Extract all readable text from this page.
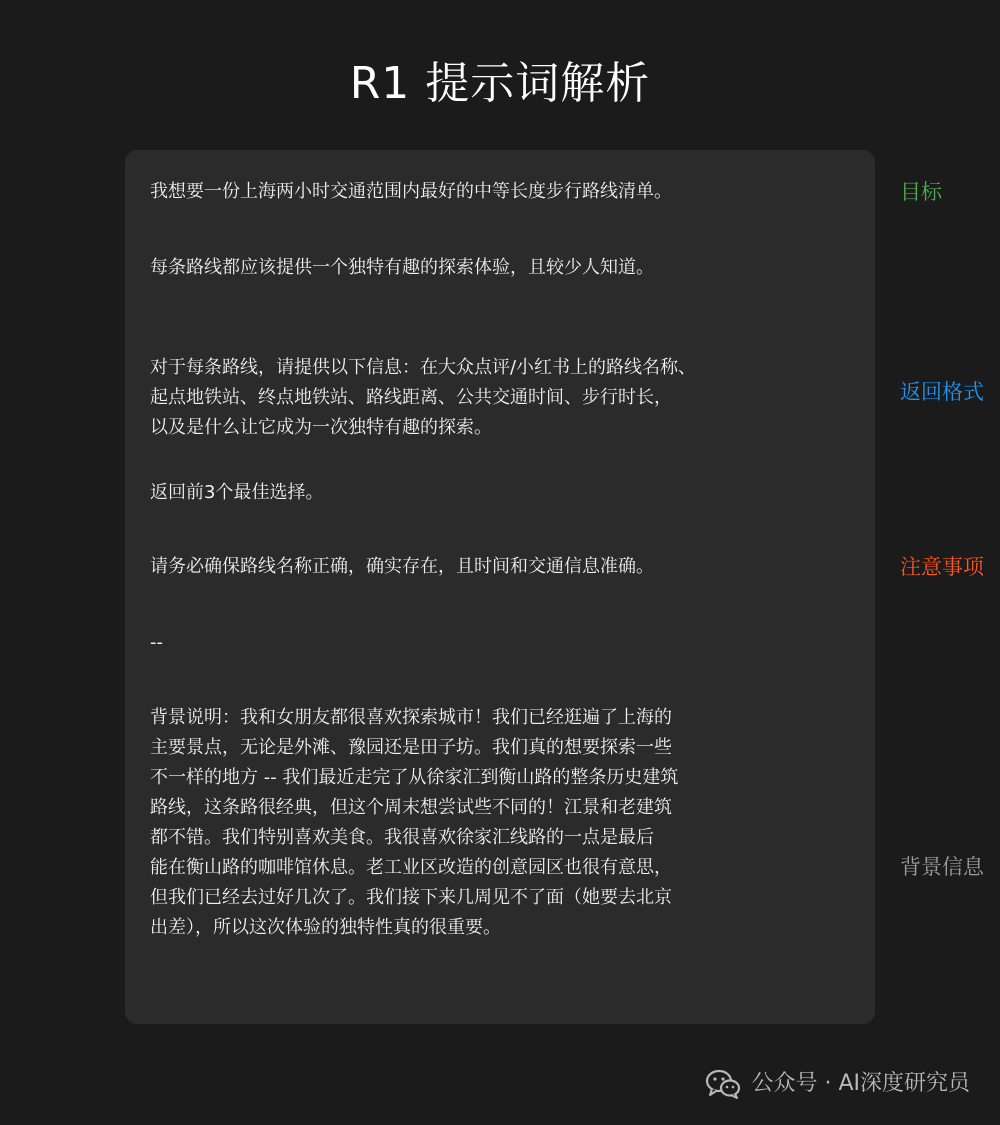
R1 提示词解析
我想要一份上海两小时交通范围内最好的中等长度步行路线清单。
每条路线都应该提供一个独特有趣的探索体验，且较少人知道。
对于每条路线，请提供以下信息：在大众点评/小红书上的路线名称、
起点地铁站、终点地铁站、路线距离、公共交通时间、步行时长，
以及是什么让它成为一次独特有趣的探索。
返回前3个最佳选择。
请务必确保路线名称正确，确实存在，且时间和交通信息准确。
--
背景说明：我和女朋友都很喜欢探索城市！我们已经逛遍了上海的
主要景点，无论是外滩、豫园还是田子坊。我们真的想要探索一些
不一样的地方 -- 我们最近走完了从徐家汇到衡山路的整条历史建筑
路线，这条路很经典，但这个周末想尝试些不同的！江景和老建筑
都不错。我们特别喜欢美食。我很喜欢徐家汇线路的一点是最后
能在衡山路的咖啡馆休息。老工业区改造的创意园区也很有意思，
但我们已经去过好几次了。我们接下来几周见不了面（她要去北京
出差），所以这次体验的独特性真的很重要。
目标
返回格式
注意事项
背景信息
公众号 · AI深度研究员
